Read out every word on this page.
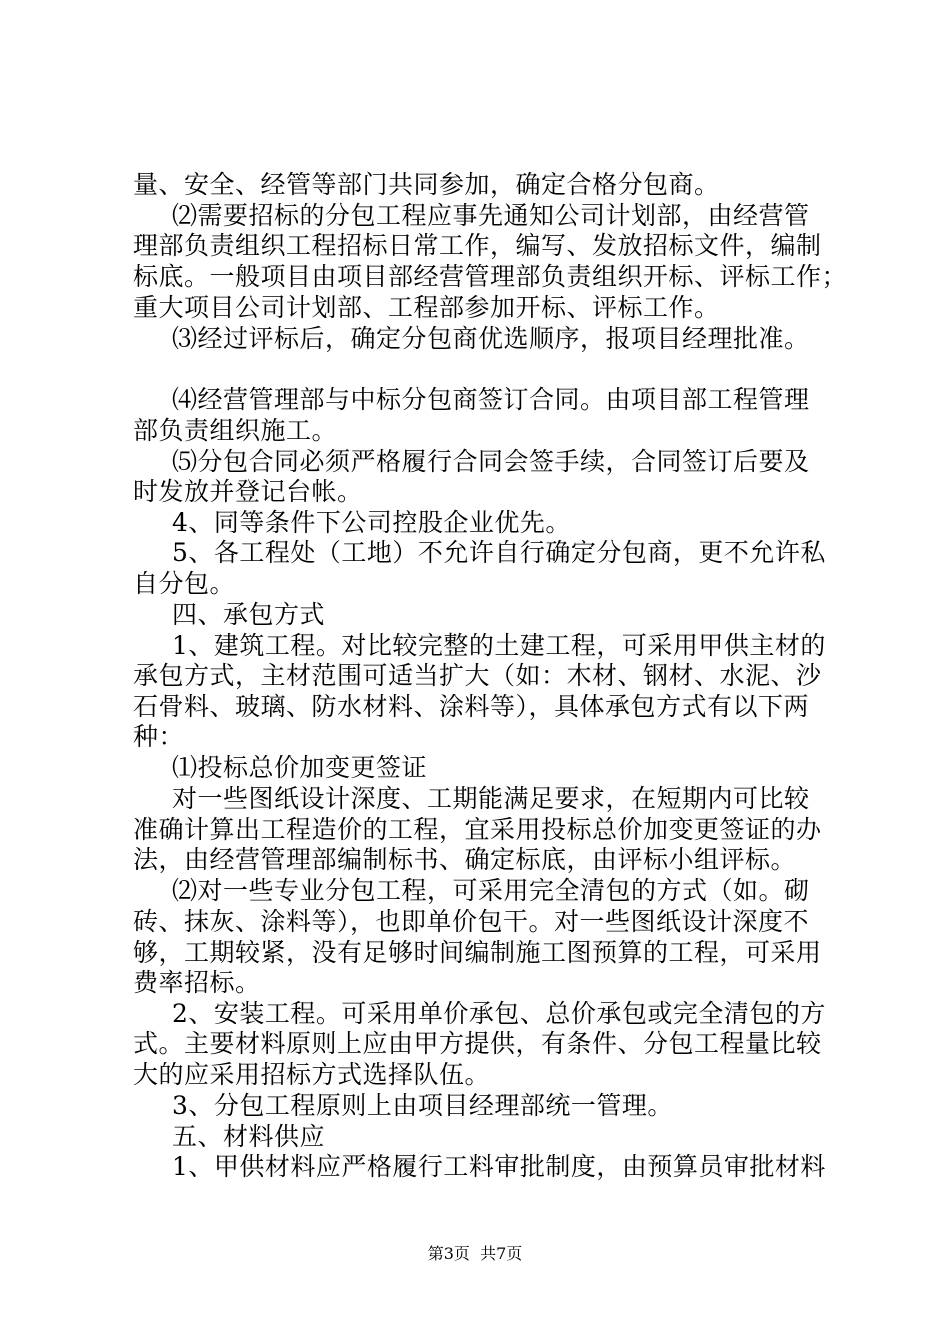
量、安全、经管等部门共同参加，确定合格分包商。
⑵需要招标的分包工程应事先通知公司计划部，由经营管
理部负责组织工程招标日常工作，编写、发放招标文件，编制
标底。一般项目由项目部经营管理部负责组织开标、评标工作；
重大项目公司计划部、工程部参加开标、评标工作。
⑶经过评标后，确定分包商优选顺序，报项目经理批准。
⑷经营管理部与中标分包商签订合同。由项目部工程管理
部负责组织施工。
⑸分包合同必须严格履行合同会签手续，合同签订后要及
时发放并登记台帐。
4、同等条件下公司控股企业优先。
5、各工程处（工地）不允许自行确定分包商，更不允许私
自分包。
四、承包方式
1、建筑工程。对比较完整的土建工程，可采用甲供主材的
承包方式，主材范围可适当扩大（如：木材、钢材、水泥、沙
石骨料、玻璃、防水材料、涂料等），具体承包方式有以下两
种：
⑴投标总价加变更签证
对一些图纸设计深度、工期能满足要求，在短期内可比较
准确计算出工程造价的工程，宜采用投标总价加变更签证的办
法，由经营管理部编制标书、确定标底，由评标小组评标。
⑵对一些专业分包工程，可采用完全清包的方式（如。砌
砖、抹灰、涂料等），也即单价包干。对一些图纸设计深度不
够，工期较紧，没有足够时间编制施工图预算的工程，可采用
费率招标。
2、安装工程。可采用单价承包、总价承包或完全清包的方
式。主要材料原则上应由甲方提供，有条件、分包工程量比较
大的应采用招标方式选择队伍。
3、分包工程原则上由项目经理部统一管理。
五、材料供应
1、甲供材料应严格履行工料审批制度，由预算员审批材料
第3页  共7页
